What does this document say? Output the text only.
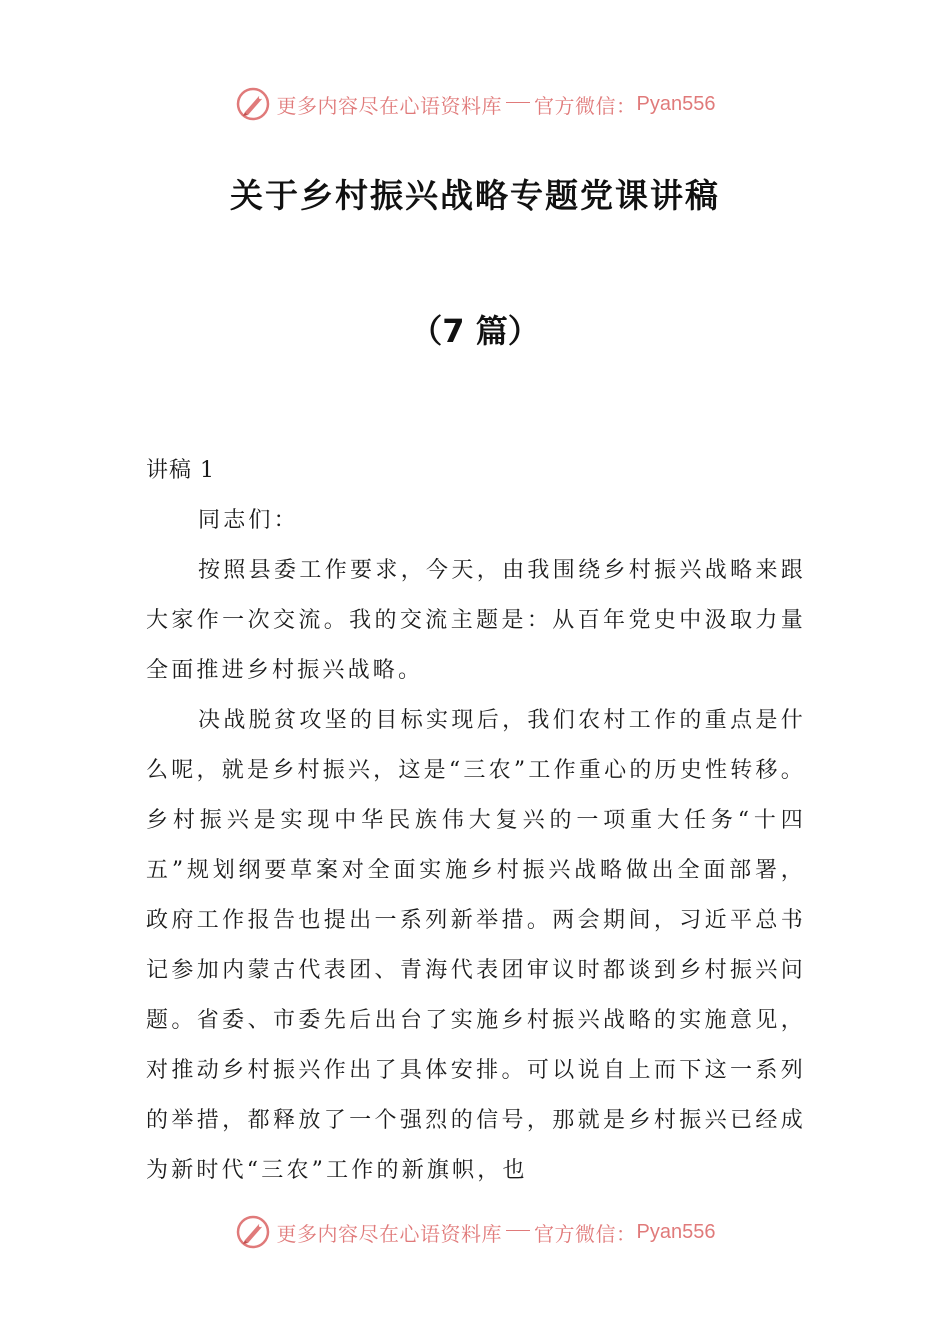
更多内容尽在心语资料库 官方微信： Pyan556
关于乡村振兴战略专题党课讲稿
（7 篇）

讲稿 1

同志们：

按照县委工作要求，今天，由我围绕乡村振兴战略来跟大家作一次交流。我的交流主题是：从百年党史中汲取力量全面推进乡村振兴战略。

决战脱贫攻坚的目标实现后，我们农村工作的重点是什么呢，就是乡村振兴，这是“三农”工作重心的历史性转移。乡村振兴是实现中华民族伟大复兴的一项重大任务“十四五”规划纲要草案对全面实施乡村振兴战略做出全面部署，政府工作报告也提出一系列新举措。两会期间，习近平总书记参加内蒙古代表团、青海代表团审议时都谈到乡村振兴问题。省委、市委先后出台了实施乡村振兴战略的实施意见，对推动乡村振兴作出了具体安排。可以说自上而下这一系列的举措，都释放了一个强烈的信号，那就是乡村振兴已经成为新时代“三农”工作的新旗帜，也

更多内容尽在心语资料库 官方微信： Pyan556
